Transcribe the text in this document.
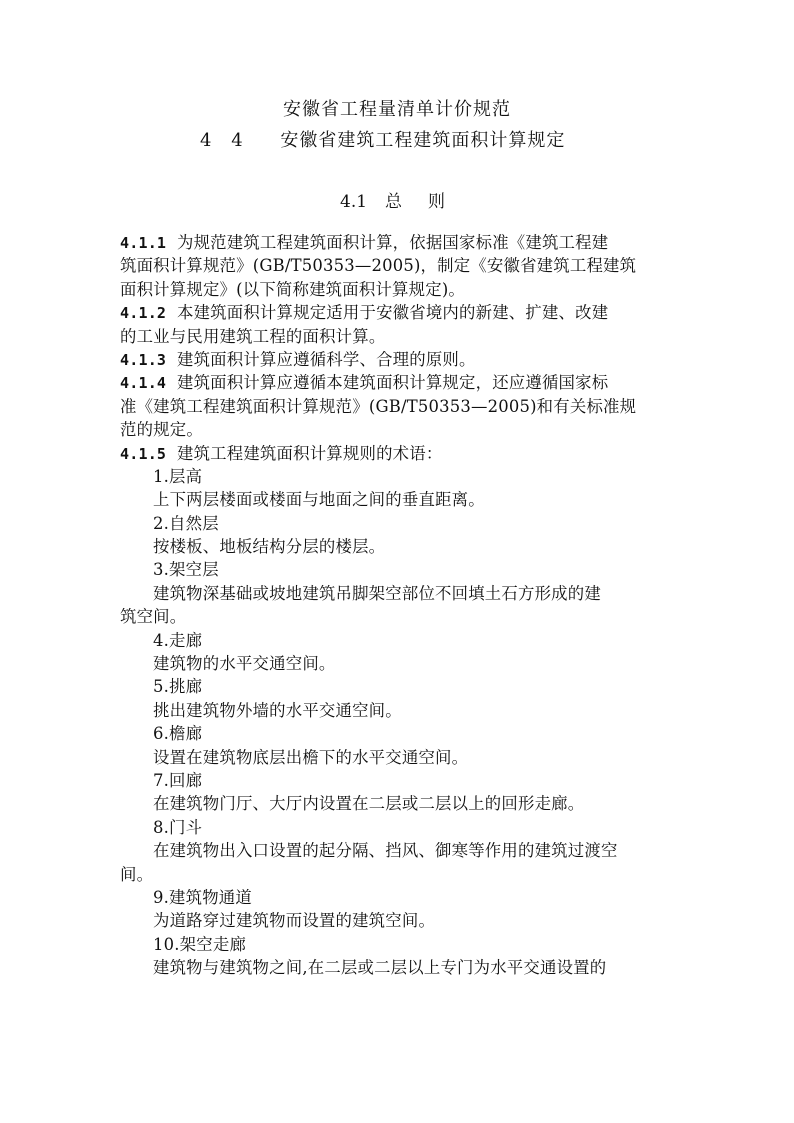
安徽省工程量清单计价规范
4 4 安徽省建筑工程建筑面积计算规定
4.1 总 则
4.1.1  为规范建筑工程建筑面积计算，依据国家标准《建筑工程建
筑面积计算规范》(GB/T50353—2005)，制定《安徽省建筑工程建筑
面积计算规定》(以下简称建筑面积计算规定)。
4.1.2  本建筑面积计算规定适用于安徽省境内的新建、扩建、改建
的工业与民用建筑工程的面积计算。
4.1.3  建筑面积计算应遵循科学、合理的原则。
4.1.4  建筑面积计算应遵循本建筑面积计算规定，还应遵循国家标
准《建筑工程建筑面积计算规范》(GB/T50353—2005)和有关标准规
范的规定。
4.1.5  建筑工程建筑面积计算规则的术语：
1.层高
上下两层楼面或楼面与地面之间的垂直距离。
2.自然层
按楼板、地板结构分层的楼层。
3.架空层
建筑物深基础或坡地建筑吊脚架空部位不回填土石方形成的建
筑空间。
4.走廊
建筑物的水平交通空间。
5.挑廊
挑出建筑物外墙的水平交通空间。
6.檐廊
设置在建筑物底层出檐下的水平交通空间。
7.回廊
在建筑物门厅、大厅内设置在二层或二层以上的回形走廊。
8.门斗
在建筑物出入口设置的起分隔、挡风、御寒等作用的建筑过渡空
间。
9.建筑物通道
为道路穿过建筑物而设置的建筑空间。
10.架空走廊
建筑物与建筑物之间,在二层或二层以上专门为水平交通设置的
